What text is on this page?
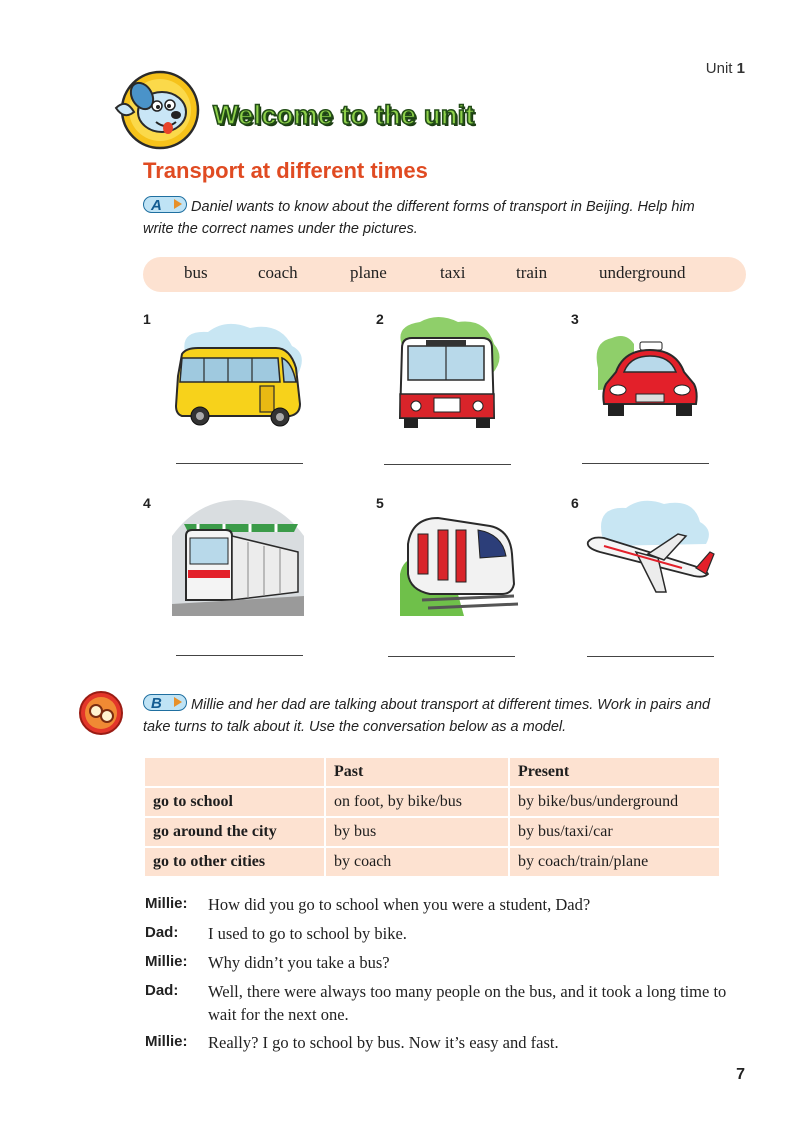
Unit 1
Welcome to the unit
Transport at different times
A Daniel wants to know about the different forms of transport in Beijing. Help him write the correct names under the pictures.
bus	coach	plane	taxi	train	underground
1	2	3
4	5	6
B Millie and her dad are talking about transport at different times. Work in pairs and take turns to talk about it. Use the conversation below as a model.
	Past	Present
go to school	on foot, by bike/bus	by bike/bus/underground
go around the city	by bus	by bus/taxi/car
go to other cities	by coach	by coach/train/plane
Millie: How did you go to school when you were a student, Dad?
Dad: I used to go to school by bike.
Millie: Why didn’t you take a bus?
Dad: Well, there were always too many people on the bus, and it took a long time to wait for the next one.
Millie: Really? I go to school by bus. Now it’s easy and fast.
7
